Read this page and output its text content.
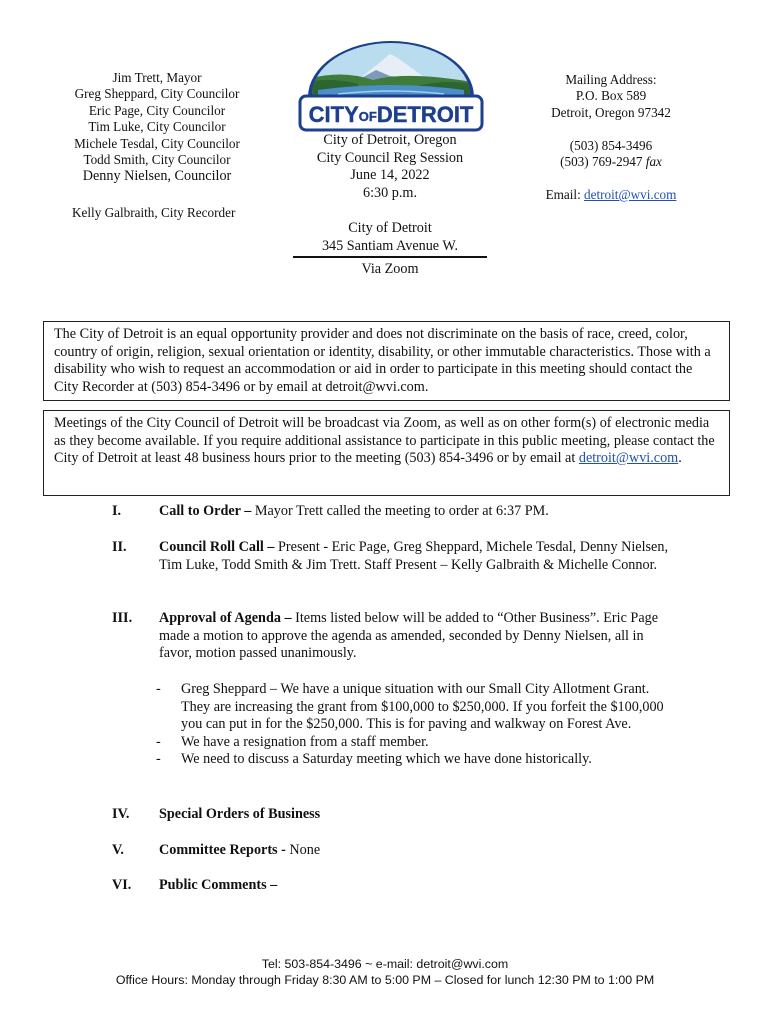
Jim Trett, Mayor
Greg Sheppard, City Councilor
Eric Page, City Councilor
Tim Luke, City Councilor
Michele Tesdal, City Councilor
Todd Smith, City Councilor
Denny Nielsen, Councilor
Kelly Galbraith, City Recorder
CITYOFDETROIT
City of Detroit, Oregon
City Council Reg Session
June 14, 2022
6:30 p.m.
City of Detroit
345 Santiam Avenue W.
Via Zoom
Mailing Address:
P.O. Box 589
Detroit, Oregon 97342
(503) 854-3496
(503) 769-2947 fax
Email: detroit@wvi.com
The City of Detroit is an equal opportunity provider and does not discriminate on the basis of race, creed, color, country of origin, religion, sexual orientation or identity, disability, or other immutable characteristics. Those with a disability who wish to request an accommodation or aid in order to participate in this meeting should contact the City Recorder at (503) 854-3496 or by email at detroit@wvi.com.
Meetings of the City Council of Detroit will be broadcast via Zoom, as well as on other form(s) of electronic media as they become available. If you require additional assistance to participate in this public meeting, please contact the City of Detroit at least 48 business hours prior to the meeting (503) 854-3496 or by email at detroit@wvi.com.
I.	Call to Order – Mayor Trett called the meeting to order at 6:37 PM.
II. Council Roll Call – Present - Eric Page, Greg Sheppard, Michele Tesdal, Denny Nielsen, Tim Luke, Todd Smith & Jim Trett. Staff Present – Kelly Galbraith & Michelle Connor.
III. Approval of Agenda – Items listed below will be added to “Other Business”. Eric Page made a motion to approve the agenda as amended, seconded by Denny Nielsen, all in favor, motion passed unanimously.
- Greg Sheppard – We have a unique situation with our Small City Allotment Grant. They are increasing the grant from $100,000 to $250,000. If you forfeit the $100,000 you can put in for the $250,000. This is for paving and walkway on Forest Ave.
- We have a resignation from a staff member.
- We need to discuss a Saturday meeting which we have done historically.
IV. Special Orders of Business
V. Committee Reports - None
VI. Public Comments –
Tel: 503-854-3496 ~ e-mail: detroit@wvi.com
Office Hours: Monday through Friday 8:30 AM to 5:00 PM – Closed for lunch 12:30 PM to 1:00 PM
